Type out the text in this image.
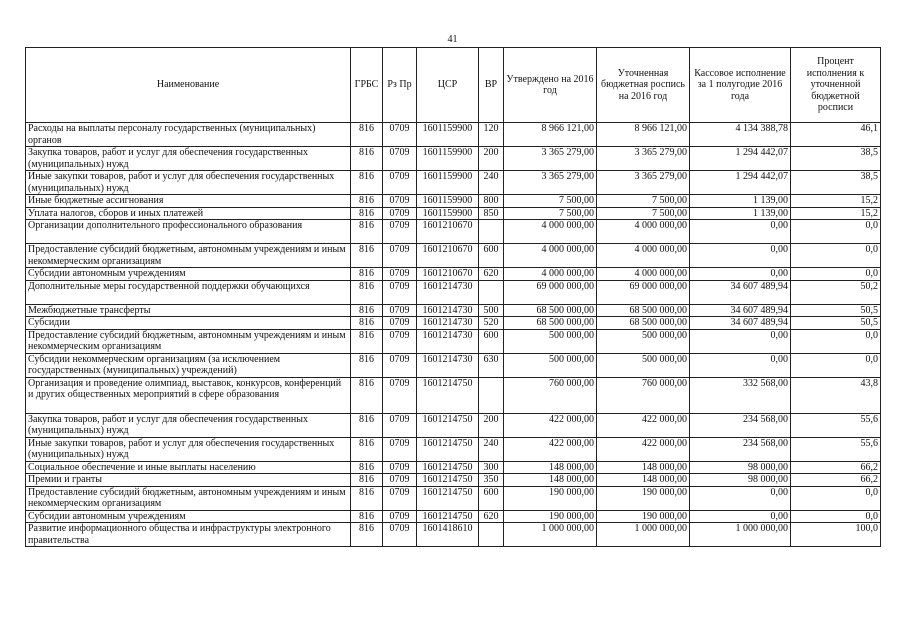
41
Наименование	ГРБС	Рз Пр	ЦСР	ВР	Утверждено на 2016 год	Уточненная бюджетная роспись на 2016 год	Кассовое исполнение за 1 полугодие 2016 года	Процент исполнения к уточненной бюджетной росписи
Расходы на выплаты персоналу государственных (муниципальных) органов	816	0709	1601159900	120	8 966 121,00	8 966 121,00	4 134 388,78	46,1
Закупка товаров, работ и услуг для обеспечения государственных (муниципальных) нужд	816	0709	1601159900	200	3 365 279,00	3 365 279,00	1 294 442,07	38,5
Иные закупки товаров, работ и услуг для обеспечения государственных (муниципальных) нужд	816	0709	1601159900	240	3 365 279,00	3 365 279,00	1 294 442,07	38,5
Иные бюджетные ассигнования	816	0709	1601159900	800	7 500,00	7 500,00	1 139,00	15,2
Уплата налогов, сборов и иных платежей	816	0709	1601159900	850	7 500,00	7 500,00	1 139,00	15,2
Организации дополнительного профессионального образования	816	0709	1601210670		4 000 000,00	4 000 000,00	0,00	0,0
Предоставление субсидий бюджетным, автономным учреждениям и иным некоммерческим организациям	816	0709	1601210670	600	4 000 000,00	4 000 000,00	0,00	0,0
Субсидии автономным учреждениям	816	0709	1601210670	620	4 000 000,00	4 000 000,00	0,00	0,0
Дополнительные меры государственной поддержки обучающихся	816	0709	1601214730		69 000 000,00	69 000 000,00	34 607 489,94	50,2
Межбюджетные трансферты	816	0709	1601214730	500	68 500 000,00	68 500 000,00	34 607 489,94	50,5
Субсидии	816	0709	1601214730	520	68 500 000,00	68 500 000,00	34 607 489,94	50,5
Предоставление субсидий бюджетным, автономным учреждениям и иным некоммерческим организациям	816	0709	1601214730	600	500 000,00	500 000,00	0,00	0,0
Субсидии некоммерческим организациям (за исключением государственных (муниципальных) учреждений)	816	0709	1601214730	630	500 000,00	500 000,00	0,00	0,0
Организация и проведение олимпиад, выставок, конкурсов, конференций и других общественных мероприятий в сфере образования	816	0709	1601214750		760 000,00	760 000,00	332 568,00	43,8
Закупка товаров, работ и услуг для обеспечения государственных (муниципальных) нужд	816	0709	1601214750	200	422 000,00	422 000,00	234 568,00	55,6
Иные закупки товаров, работ и услуг для обеспечения государственных (муниципальных) нужд	816	0709	1601214750	240	422 000,00	422 000,00	234 568,00	55,6
Социальное обеспечение и иные выплаты населению	816	0709	1601214750	300	148 000,00	148 000,00	98 000,00	66,2
Премии и гранты	816	0709	1601214750	350	148 000,00	148 000,00	98 000,00	66,2
Предоставление субсидий бюджетным, автономным учреждениям и иным некоммерческим организациям	816	0709	1601214750	600	190 000,00	190 000,00	0,00	0,0
Субсидии автономным учреждениям	816	0709	1601214750	620	190 000,00	190 000,00	0,00	0,0
Развитие информационного общества и инфраструктуры электронного правительства	816	0709	1601418610		1 000 000,00	1 000 000,00	1 000 000,00	100,0
